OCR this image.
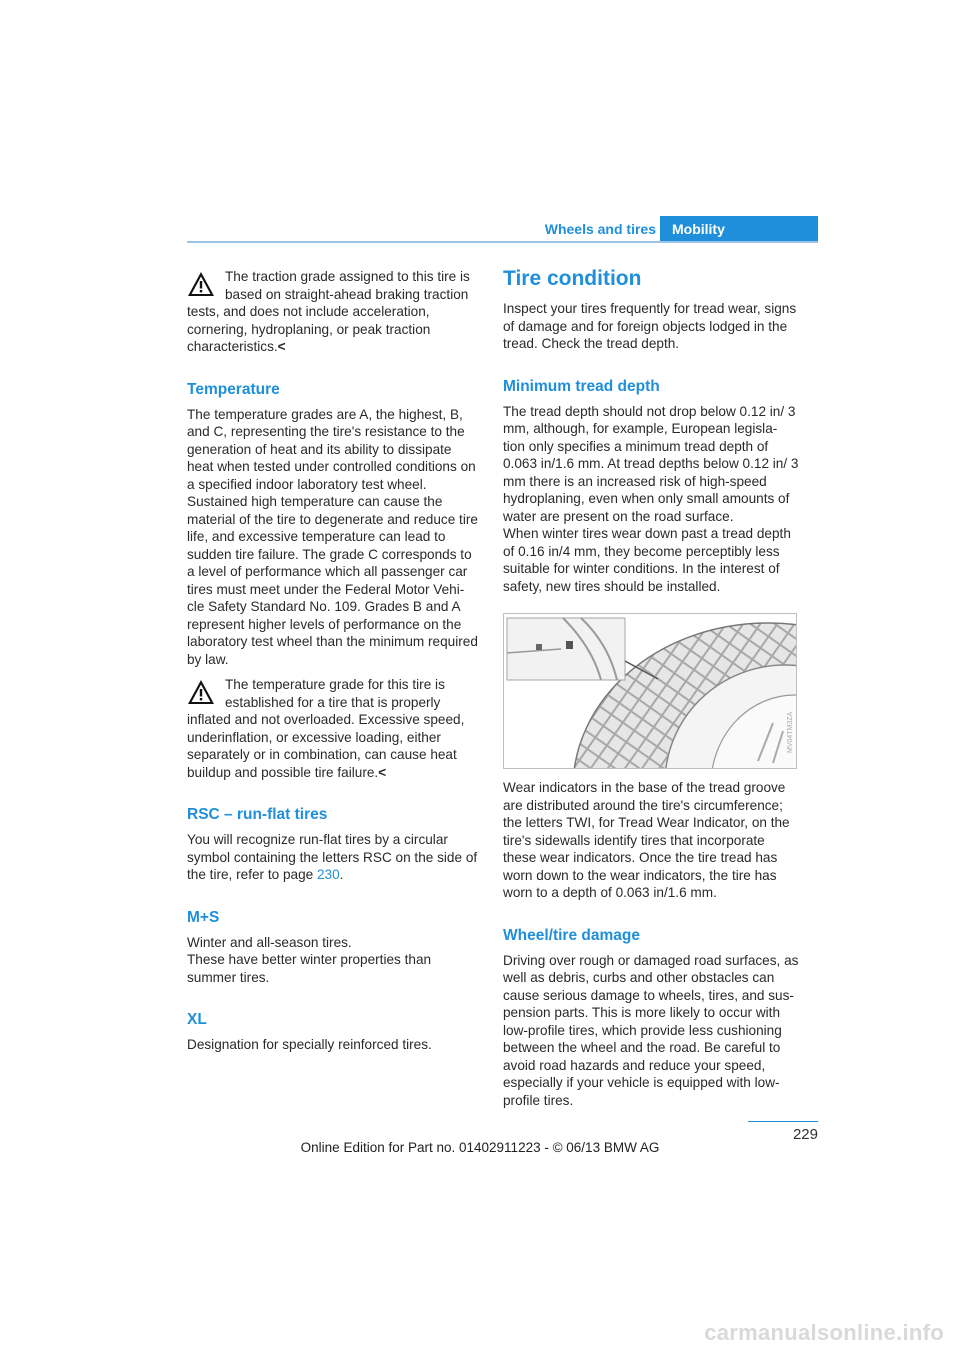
Wheels and tires	Mobility

The traction grade assigned to this tire is based on straight-ahead braking traction

tests, and does not include acceleration, cornering, hydroplaning, or peak traction characteristics.<

Temperature

The temperature grades are A, the highest, B, and C, representing the tire's resistance to the generation of heat and its ability to dissipate heat when tested under controlled conditions on a specified indoor laboratory test wheel. Sustained high temperature can cause the material of the tire to degenerate and reduce tire life, and excessive temperature can lead to sudden tire failure. The grade C corresponds to a level of performance which all passenger car tires must meet under the Federal Motor Vehi-cle Safety Standard No. 109. Grades B and A represent higher levels of performance on the laboratory test wheel than the minimum required by law.

The temperature grade for this tire is established for a tire that is properly

inflated and not overloaded. Excessive speed, underinflation, or excessive loading, either separately or in combination, can cause heat buildup and possible tire failure.<

RSC – run-flat tires

You will recognize run-flat tires by a circular symbol containing the letters RSC on the side of the tire, refer to page 230.

M+S

Winter and all-season tires.

These have better winter properties than summer tires.

XL

Designation for specially reinforced tires.

Tire condition

Inspect your tires frequently for tread wear, signs of damage and for foreign objects lodged in the tread. Check the tread depth.

Minimum tread depth

The tread depth should not drop below 0.12 in/ 3 mm, although, for example, European legisla-tion only specifies a minimum tread depth of 0.063 in/1.6 mm. At tread depths below 0.12 in/ 3 mm there is an increased risk of high-speed hydroplaning, even when only small amounts of water are present on the road surface.

When winter tires wear down past a tread depth of 0.16 in/4 mm, they become perceptibly less suitable for winter conditions. In the interest of safety, new tires should be installed.

MV04TM3ZA

Wear indicators in the base of the tread groove are distributed around the tire's circumference; the letters TWI, for Tread Wear Indicator, on the tire's sidewalls identify tires that incorporate these wear indicators. Once the tire tread has worn down to the wear indicators, the tire has worn to a depth of 0.063 in/1.6 mm.

Wheel/tire damage

Driving over rough or damaged road surfaces, as well as debris, curbs and other obstacles can cause serious damage to wheels, tires, and sus-pension parts. This is more likely to occur with low-profile tires, which provide less cushioning between the wheel and the road. Be careful to avoid road hazards and reduce your speed, especially if your vehicle is equipped with low-profile tires.

229
Online Edition for Part no. 01402911223 - © 06/13 BMW AG
carmanualsonline.info
